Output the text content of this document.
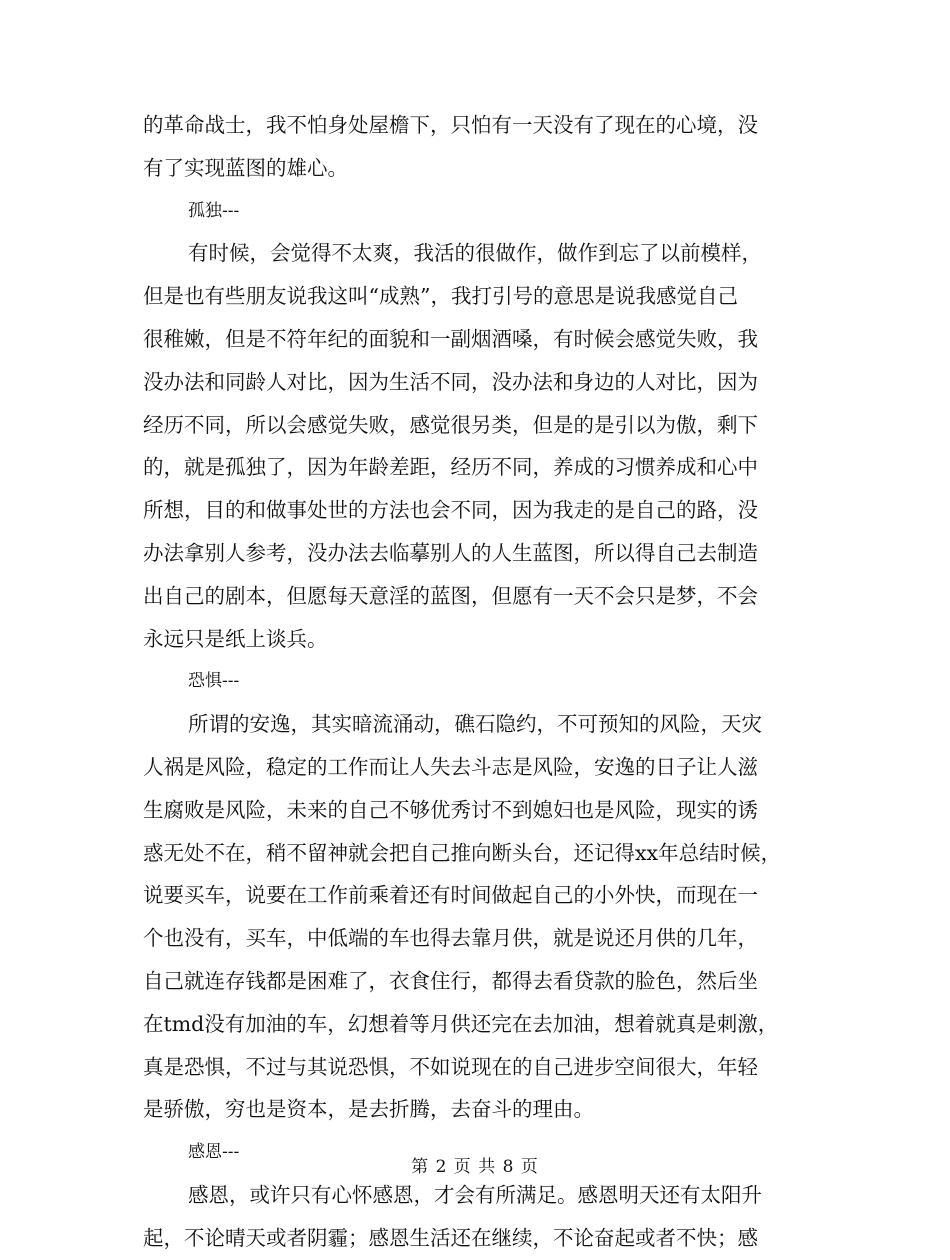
的革命战士，我不怕身处屋檐下，只怕有一天没有了现在的心境，没
有了实现蓝图的雄心。
孤独---
有时候，会觉得不太爽，我活的很做作，做作到忘了以前模样，
但是也有些朋友说我这叫“成熟”，我打引号的意思是说我感觉自己
很稚嫩，但是不符年纪的面貌和一副烟酒嗓，有时候会感觉失败，我
没办法和同龄人对比，因为生活不同，没办法和身边的人对比，因为
经历不同，所以会感觉失败，感觉很另类，但是的是引以为傲，剩下
的，就是孤独了，因为年龄差距，经历不同，养成的习惯养成和心中
所想，目的和做事处世的方法也会不同，因为我走的是自己的路，没
办法拿别人参考，没办法去临摹别人的人生蓝图，所以得自己去制造
出自己的剧本，但愿每天意淫的蓝图，但愿有一天不会只是梦，不会
永远只是纸上谈兵。
恐惧---
所谓的安逸，其实暗流涌动，礁石隐约，不可预知的风险，天灾
人祸是风险，稳定的工作而让人失去斗志是风险，安逸的日子让人滋
生腐败是风险，未来的自己不够优秀讨不到媳妇也是风险，现实的诱
惑无处不在，稍不留神就会把自己推向断头台，还记得xx年总结时候，
说要买车，说要在工作前乘着还有时间做起自己的小外快，而现在一
个也没有，买车，中低端的车也得去靠月供，就是说还月供的几年，
自己就连存钱都是困难了，衣食住行，都得去看贷款的脸色，然后坐
在tmd没有加油的车，幻想着等月供还完在去加油，想着就真是刺激，
真是恐惧，不过与其说恐惧，不如说现在的自己进步空间很大，年轻
是骄傲，穷也是资本，是去折腾，去奋斗的理由。
感恩---
感恩，或许只有心怀感恩，才会有所满足。感恩明天还有太阳升
起，不论晴天或者阴霾；感恩生活还在继续，不论奋起或者不快；感
第 2 页 共 8 页
